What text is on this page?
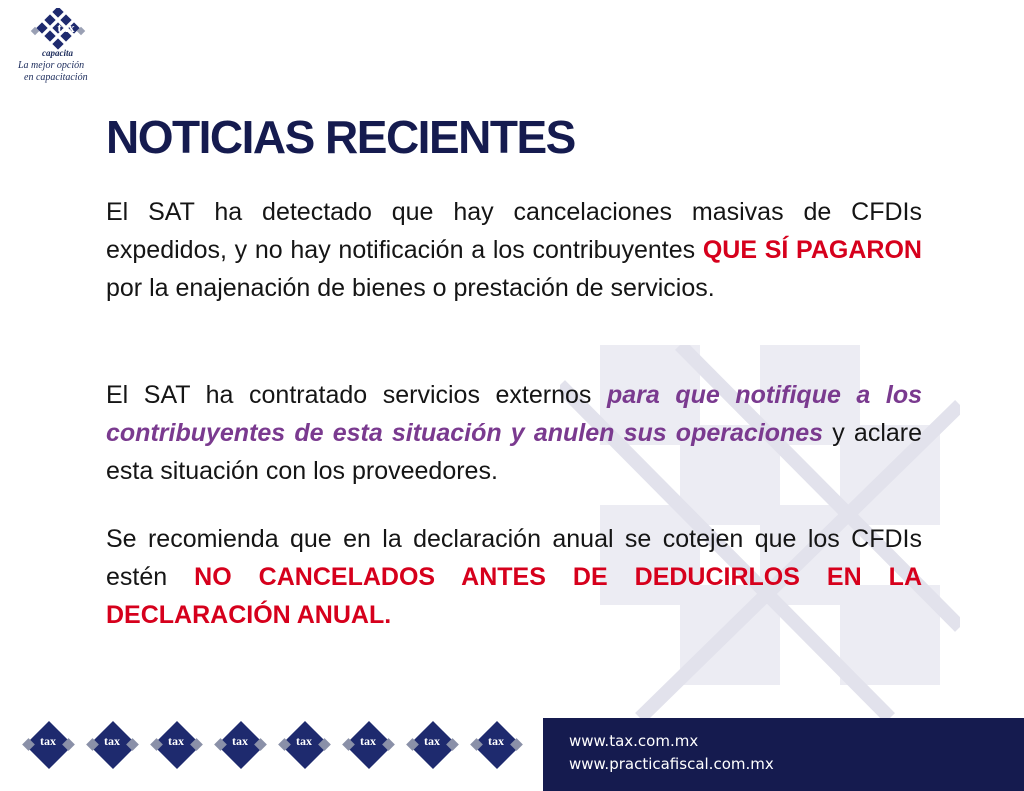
tax
capacita
La mejor opción
en capacitación
NOTICIAS RECIENTES

El SAT ha detectado que hay cancelaciones masivas de CFDIs expedidos, y no hay notificación a los contribuyentes QUE SÍ PAGARON por la enajenación de bienes o prestación de servicios.

El SAT ha contratado servicios externos para que notifique a los contribuyentes de esta situación y anulen sus operaciones y aclare esta situación con los proveedores.

Se recomienda que en la declaración anual se cotejen que los CFDIs estén NO CANCELADOS ANTES DE DEDUCIRLOS EN LA DECLARACIÓN ANUAL.

tax	tax	tax	tax	tax	tax	tax	tax	www.tax.com.mx
www.practicafiscal.com.mx
